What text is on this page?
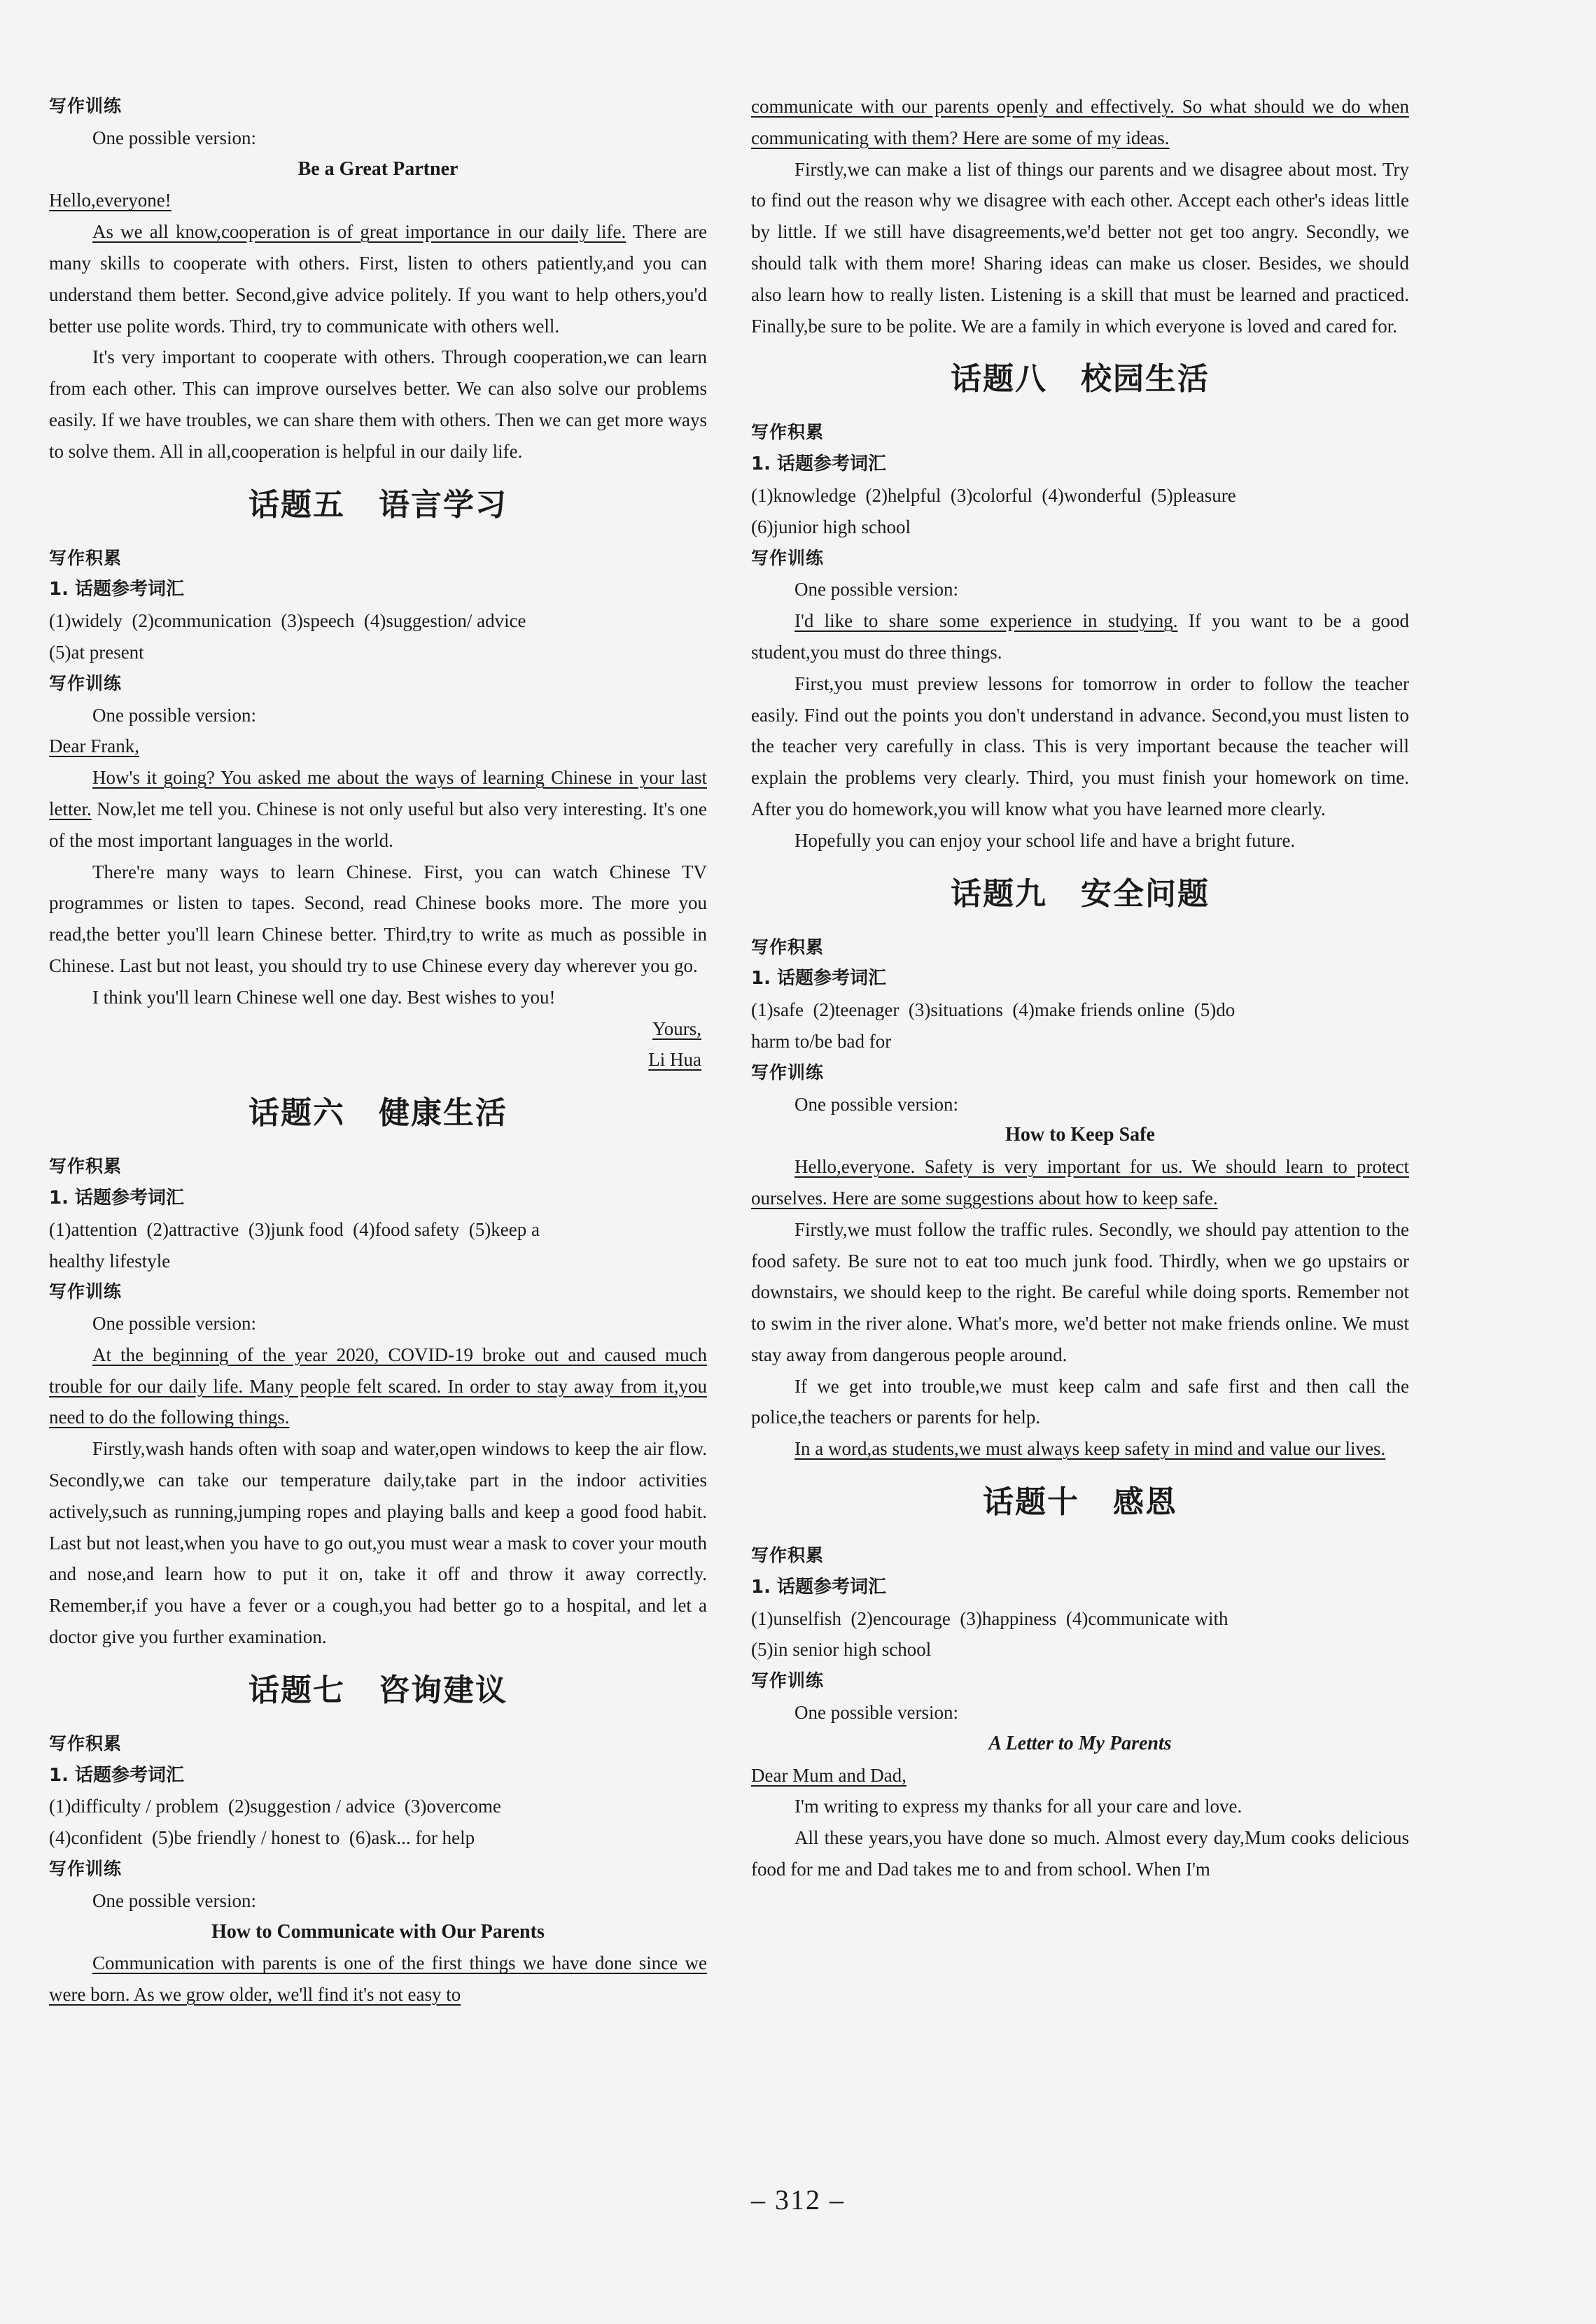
写作训练
One possible version:
Be a Great Partner
Hello,everyone!

As we all know,cooperation is of great importance in our daily life. There are many skills to cooperate with others. First, listen to others patiently,and you can understand them better. Second,give advice politely. If you want to help others,you'd better use polite words. Third, try to communicate with others well.

It's very important to cooperate with others. Through cooperation,we can learn from each other. This can improve ourselves better. We can also solve our problems easily. If we have troubles, we can share them with others. Then we can get more ways to solve them. All in all,cooperation is helpful in our daily life.

话题五 语言学习
写作积累
1. 话题参考词汇
(1)widely  (2)communication  (3)speech  (4)suggestion/ advice
(5)at present
写作训练
One possible version:
Dear Frank,

How's it going? You asked me about the ways of learning Chinese in your last letter. Now,let me tell you. Chinese is not only useful but also very interesting. It's one of the most important languages in the world.

There're many ways to learn Chinese. First, you can watch Chinese TV programmes or listen to tapes. Second, read Chinese books more. The more you read,the better you'll learn Chinese better. Third,try to write as much as possible in Chinese. Last but not least, you should try to use Chinese every day wherever you go.

I think you'll learn Chinese well one day. Best wishes to you!

Yours,
Li Hua
话题六 健康生活
写作积累
1. 话题参考词汇
(1)attention  (2)attractive  (3)junk food  (4)food safety  (5)keep a
healthy lifestyle
写作训练
One possible version:

At the beginning of the year 2020, COVID-19 broke out and caused much trouble for our daily life. Many people felt scared. In order to stay away from it,you need to do the following things.

Firstly,wash hands often with soap and water,open windows to keep the air flow. Secondly,we can take our temperature daily,take part in the indoor activities actively,such as running,jumping ropes and playing balls and keep a good food habit. Last but not least,when you have to go out,you must wear a mask to cover your mouth and nose,and learn how to put it on, take it off and throw it away correctly. Remember,if you have a fever or a cough,you had better go to a hospital, and let a doctor give you further examination.

话题七 咨询建议
写作积累
1. 话题参考词汇
(1)difficulty / problem  (2)suggestion / advice  (3)overcome
(4)confident  (5)be friendly / honest to  (6)ask... for help
写作训练
One possible version:
How to Communicate with Our Parents

Communication with parents is one of the first things we have done since we were born. As we grow older, we'll find it's not easy to

communicate with our parents openly and effectively. So what should we do when communicating with them? Here are some of my ideas.

Firstly,we can make a list of things our parents and we disagree about most. Try to find out the reason why we disagree with each other. Accept each other's ideas little by little. If we still have disagreements,we'd better not get too angry. Secondly, we should talk with them more! Sharing ideas can make us closer. Besides, we should also learn how to really listen. Listening is a skill that must be learned and practiced. Finally,be sure to be polite. We are a family in which everyone is loved and cared for.

话题八 校园生活
写作积累
1. 话题参考词汇
(1)knowledge  (2)helpful  (3)colorful  (4)wonderful  (5)pleasure
(6)junior high school
写作训练
One possible version:

I'd like to share some experience in studying. If you want to be a good student,you must do three things.

First,you must preview lessons for tomorrow in order to follow the teacher easily. Find out the points you don't understand in advance. Second,you must listen to the teacher very carefully in class. This is very important because the teacher will explain the problems very clearly. Third, you must finish your homework on time. After you do homework,you will know what you have learned more clearly.

Hopefully you can enjoy your school life and have a bright future.

话题九 安全问题
写作积累
1. 话题参考词汇
(1)safe  (2)teenager  (3)situations  (4)make friends online  (5)do
harm to/be bad for
写作训练
One possible version:
How to Keep Safe

Hello,everyone. Safety is very important for us. We should learn to protect ourselves. Here are some suggestions about how to keep safe.

Firstly,we must follow the traffic rules. Secondly, we should pay attention to the food safety. Be sure not to eat too much junk food. Thirdly, when we go upstairs or downstairs, we should keep to the right. Be careful while doing sports. Remember not to swim in the river alone. What's more, we'd better not make friends online. We must stay away from dangerous people around.

If we get into trouble,we must keep calm and safe first and then call the police,the teachers or parents for help.

In a word,as students,we must always keep safety in mind and value our lives.

话题十 感恩
写作积累
1. 话题参考词汇
(1)unselfish  (2)encourage  (3)happiness  (4)communicate with
(5)in senior high school
写作训练
One possible version:
A Letter to My Parents
Dear Mum and Dad,

I'm writing to express my thanks for all your care and love.

All these years,you have done so much. Almost every day,Mum cooks delicious food for me and Dad takes me to and from school. When I'm

– 312 –
